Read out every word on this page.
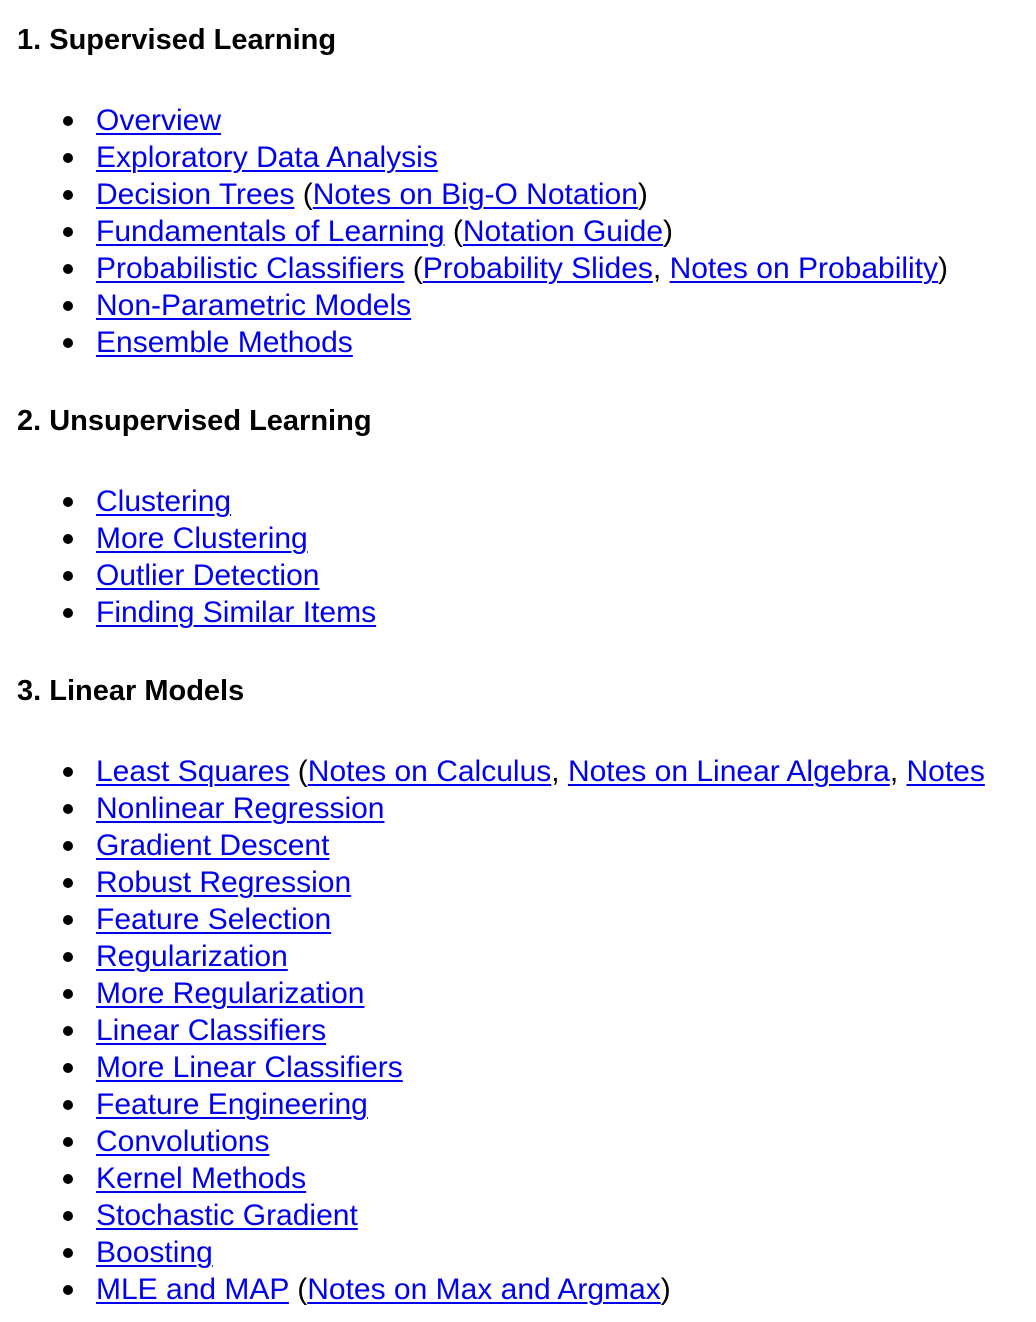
1. Supervised Learning
Overview
Exploratory Data Analysis
Decision Trees (Notes on Big-O Notation)
Fundamentals of Learning (Notation Guide)
Probabilistic Classifiers (Probability Slides, Notes on Probability)
Non-Parametric Models
Ensemble Methods
2. Unsupervised Learning
Clustering
More Clustering
Outlier Detection
Finding Similar Items
3. Linear Models
Least Squares (Notes on Calculus, Notes on Linear Algebra, Notes
Nonlinear Regression
Gradient Descent
Robust Regression
Feature Selection
Regularization
More Regularization
Linear Classifiers
More Linear Classifiers
Feature Engineering
Convolutions
Kernel Methods
Stochastic Gradient
Boosting
MLE and MAP (Notes on Max and Argmax)
